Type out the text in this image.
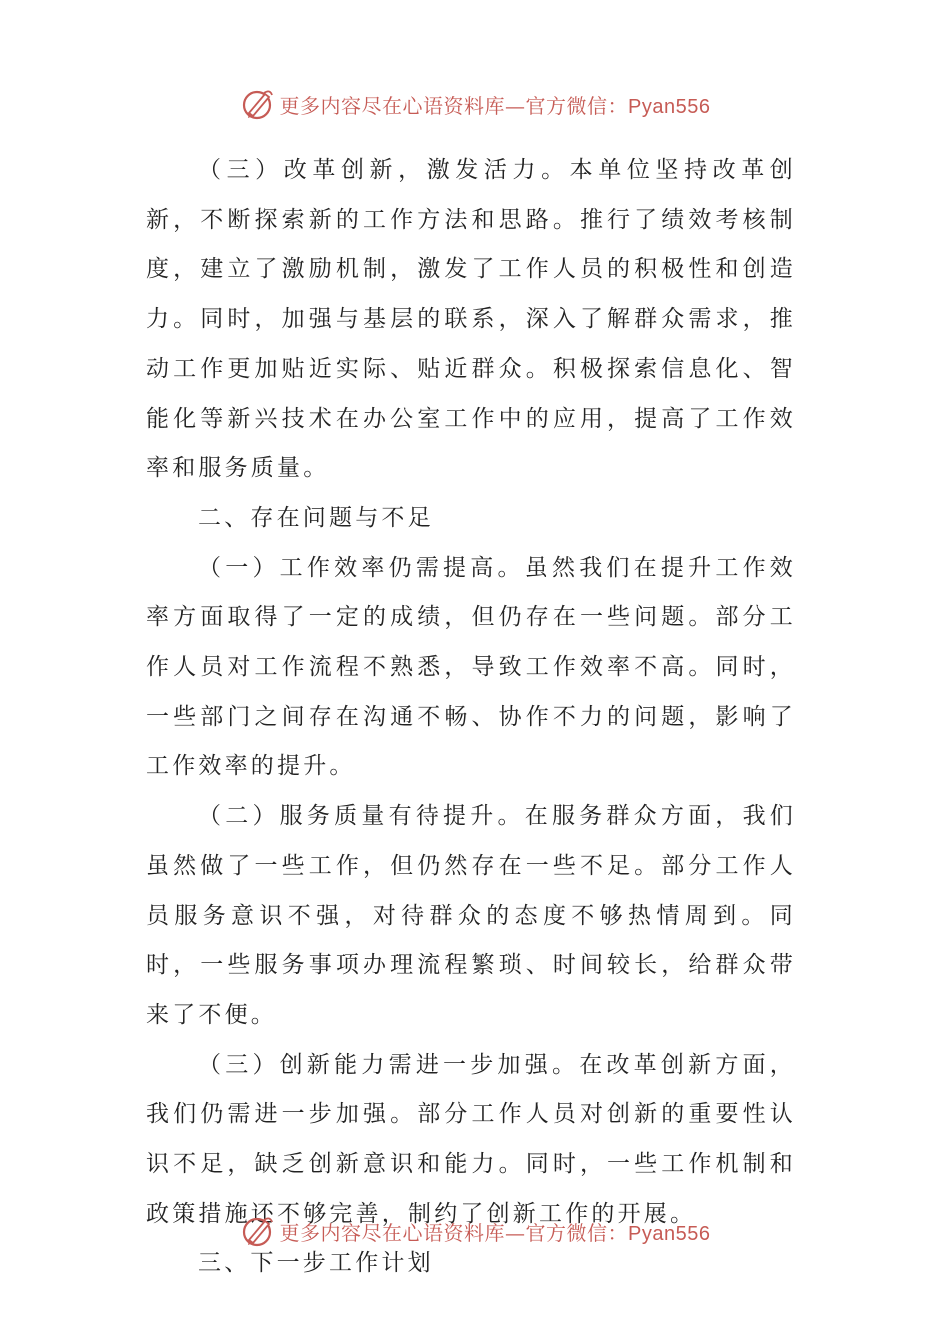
更多内容尽在心语资料库—官方微信：Pyan556

（三）改革创新，激发活力。本单位坚持改革创新，不断探索新的工作方法和思路。推行了绩效考核制度，建立了激励机制，激发了工作人员的积极性和创造力。同时，加强与基层的联系，深入了解群众需求，推动工作更加贴近实际、贴近群众。积极探索信息化、智能化等新兴技术在办公室工作中的应用，提高了工作效率和服务质量。

二、存在问题与不足

（一）工作效率仍需提高。虽然我们在提升工作效率方面取得了一定的成绩，但仍存在一些问题。部分工作人员对工作流程不熟悉，导致工作效率不高。同时，一些部门之间存在沟通不畅、协作不力的问题，影响了工作效率的提升。

（二）服务质量有待提升。在服务群众方面，我们虽然做了一些工作，但仍然存在一些不足。部分工作人员服务意识不强，对待群众的态度不够热情周到。同时，一些服务事项办理流程繁琐、时间较长，给群众带来了不便。

（三）创新能力需进一步加强。在改革创新方面，我们仍需进一步加强。部分工作人员对创新的重要性认识不足，缺乏创新意识和能力。同时，一些工作机制和政策措施还不够完善，制约了创新工作的开展。

三、下一步工作计划

更多内容尽在心语资料库—官方微信：Pyan556
